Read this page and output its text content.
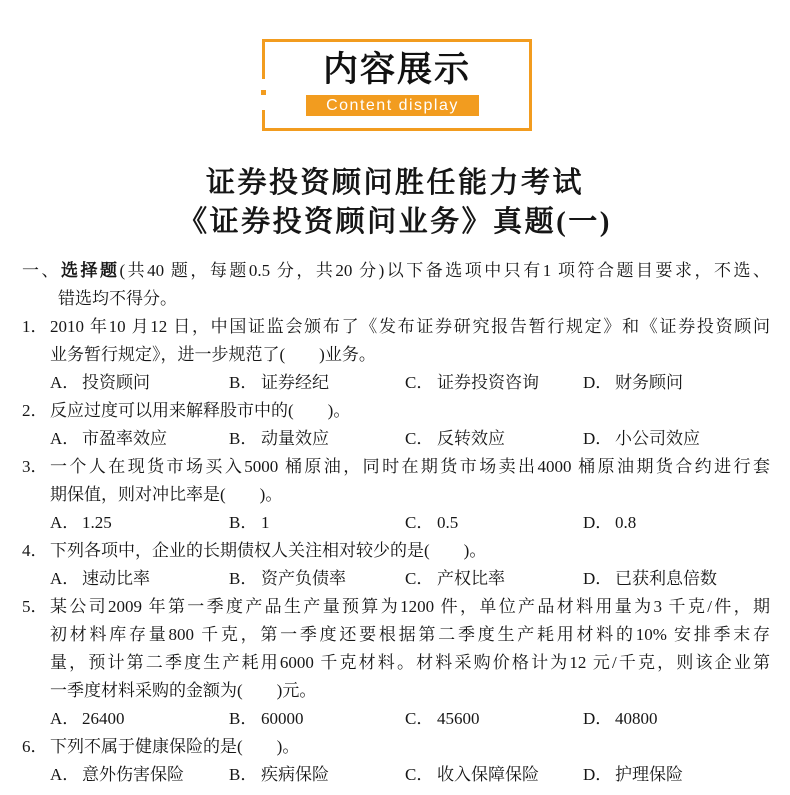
内容展示
Content display
证券投资顾问胜任能力考试
《证券投资顾问业务》真题(一)
一、选择题(共40 题，每题0.5 分，共20 分)以下备选项中只有1 项符合题目要求，不选、
错选均不得分。
1． 2010 年10 月12 日，中国证监会颁布了《发布证券研究报告暂行规定》和《证券投资顾问
业务暂行规定》，进一步规范了(　　)业务。
A． 投资顾问	B． 证券经纪	C． 证券投资咨询	D． 财务顾问
2． 反应过度可以用来解释股市中的(　　)。
A． 市盈率效应	B． 动量效应	C． 反转效应	D． 小公司效应
3． 一个人在现货市场买入5000 桶原油，同时在期货市场卖出4000 桶原油期货合约进行套
期保值，则对冲比率是(　　)。
A． 1.25	B． 1	C． 0.5	D． 0.8
4． 下列各项中，企业的长期债权人关注相对较少的是(　　)。
A． 速动比率	B． 资产负债率	C． 产权比率	D． 已获利息倍数
5． 某公司2009 年第一季度产品生产量预算为1200 件，单位产品材料用量为3 千克/件，期
初材料库存量800 千克，第一季度还要根据第二季度生产耗用材料的10% 安排季末存
量，预计第二季度生产耗用6000 千克材料。材料采购价格计为12 元/千克，则该企业第
一季度材料采购的金额为(　　)元。
A． 26400	B． 60000	C． 45600	D． 40800
6． 下列不属于健康保险的是(　　)。
A． 意外伤害保险	B． 疾病保险	C． 收入保障保险	D． 护理保险
